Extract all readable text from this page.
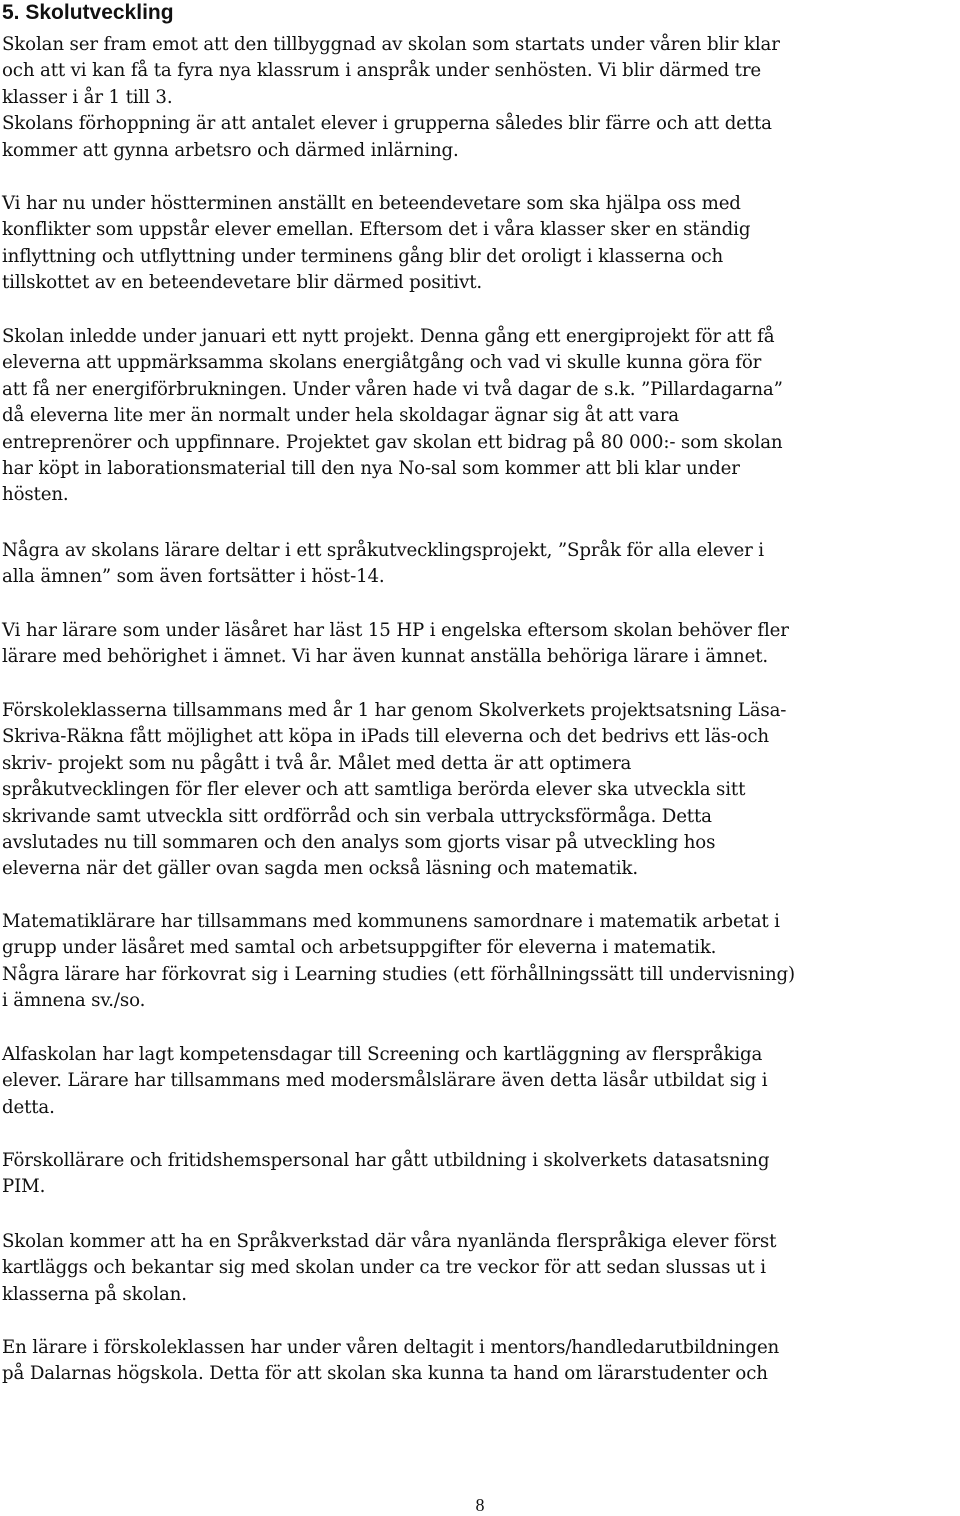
5. Skolutveckling

Skolan ser fram emot att den tillbyggnad av skolan som startats under våren blir klar
och att vi kan få ta fyra nya klassrum i anspråk under senhösten. Vi blir därmed tre
klasser i år 1 till 3.
Skolans förhoppning är att antalet elever i grupperna således blir färre och att detta
kommer att gynna arbetsro och därmed inlärning.

Vi har nu under höstterminen anställt en beteendevetare som ska hjälpa oss med
konflikter som uppstår elever emellan. Eftersom det i våra klasser sker en ständig
inflyttning och utflyttning under terminens gång blir det oroligt i klasserna och
tillskottet av en beteendevetare blir därmed positivt.

Skolan inledde under januari ett nytt projekt. Denna gång ett energiprojekt för att få
eleverna att uppmärksamma skolans energiåtgång och vad vi skulle kunna göra för
att få ner energiförbrukningen. Under våren hade vi två dagar de s.k. ”Pillardagarna”
då eleverna lite mer än normalt under hela skoldagar ägnar sig åt att vara
entreprenörer och uppfinnare. Projektet gav skolan ett bidrag på 80 000:- som skolan
har köpt in laborationsmaterial till den nya No-sal som kommer att bli klar under
hösten.

Några av skolans lärare deltar i ett språkutvecklingsprojekt, ”Språk för alla elever i
alla ämnen” som även fortsätter i höst-14.

Vi har lärare som under läsåret har läst 15 HP i engelska eftersom skolan behöver fler
lärare med behörighet i ämnet. Vi har även kunnat anställa behöriga lärare i ämnet.

Förskoleklasserna tillsammans med år 1 har genom Skolverkets projektsatsning Läsa-
Skriva-Räkna fått möjlighet att köpa in iPads till eleverna och det bedrivs ett läs-och
skriv- projekt som nu pågått i två år. Målet med detta är att optimera
språkutvecklingen för fler elever och att samtliga berörda elever ska utveckla sitt
skrivande samt utveckla sitt ordförråd och sin verbala uttrycksförmåga. Detta
avslutades nu till sommaren och den analys som gjorts visar på utveckling hos
eleverna när det gäller ovan sagda men också läsning och matematik.

Matematiklärare har tillsammans med kommunens samordnare i matematik arbetat i
grupp under läsåret med samtal och arbetsuppgifter för eleverna i matematik.
Några lärare har förkovrat sig i Learning studies (ett förhållningssätt till undervisning)
i ämnena sv./so.

Alfaskolan har lagt kompetensdagar till Screening och kartläggning av flerspråkiga
elever. Lärare har tillsammans med modersmålslärare även detta läsår utbildat sig i
detta.

Förskollärare och fritidshemspersonal har gått utbildning i skolverkets datasatsning
PIM.

Skolan kommer att ha en Språkverkstad där våra nyanlända flerspråkiga elever först
kartläggs och bekantar sig med skolan under ca tre veckor för att sedan slussas ut i
klasserna på skolan.

En lärare i förskoleklassen har under våren deltagit i mentors/handledarutbildningen
på Dalarnas högskola. Detta för att skolan ska kunna ta hand om lärarstudenter och

8
